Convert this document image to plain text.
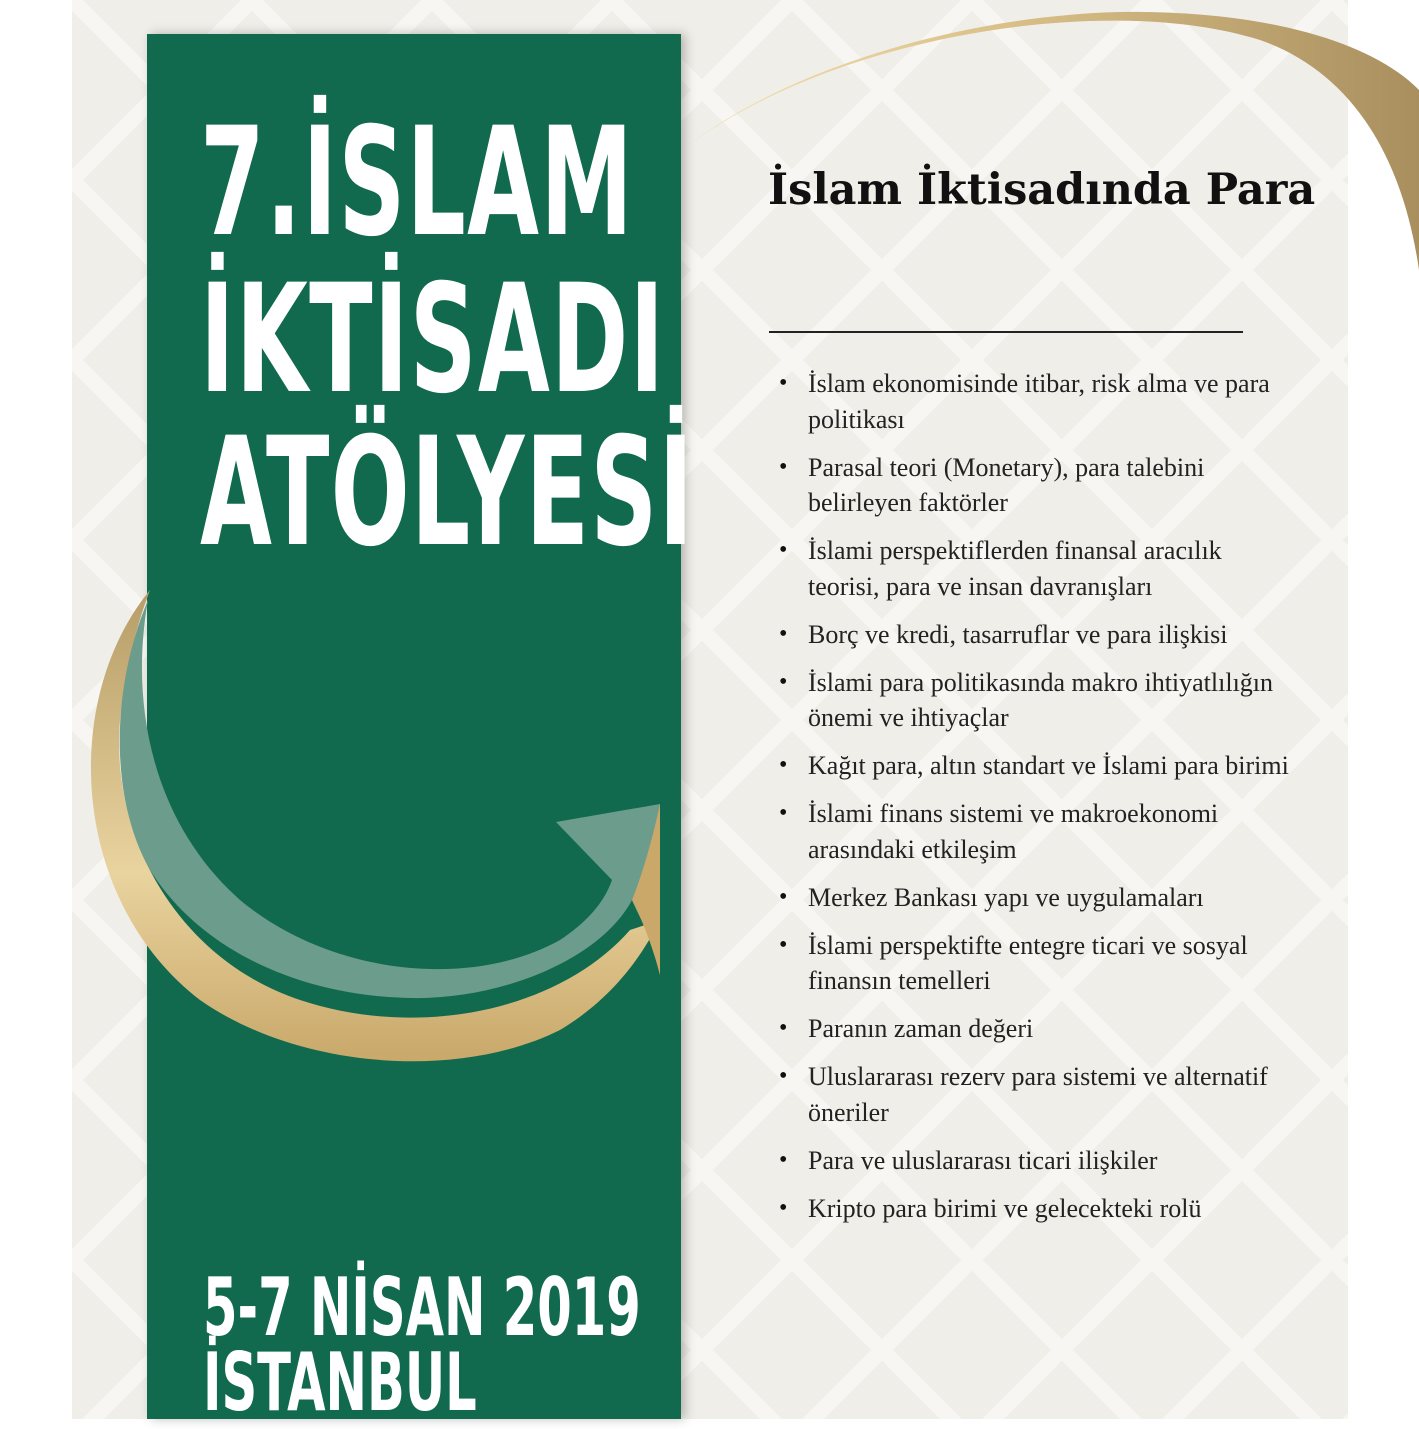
7.İSLAM
İKTİSADI
ATÖLYESİ
5-7 NİSAN 2019
İSTANBUL
İslam İktisadında Para
• İslam ekonomisinde itibar, risk alma ve para politikası
• Parasal teori (Monetary), para talebini belirleyen faktörler
• İslami perspektiflerden finansal aracılık teorisi, para ve insan davranışları
• Borç ve kredi, tasarruflar ve para ilişkisi
• İslami para politikasında makro ihtiyatlılığın önemi ve ihtiyaçlar
• Kağıt para, altın standart ve İslami para birimi
• İslami finans sistemi ve makroekonomi arasındaki etkileşim
• Merkez Bankası yapı ve uygulamaları
• İslami perspektifte entegre ticari ve sosyal finansın temelleri
• Paranın zaman değeri
• Uluslararası rezerv para sistemi ve alternatif öneriler
• Para ve uluslararası ticari ilişkiler
• Kripto para birimi ve gelecekteki rolü
